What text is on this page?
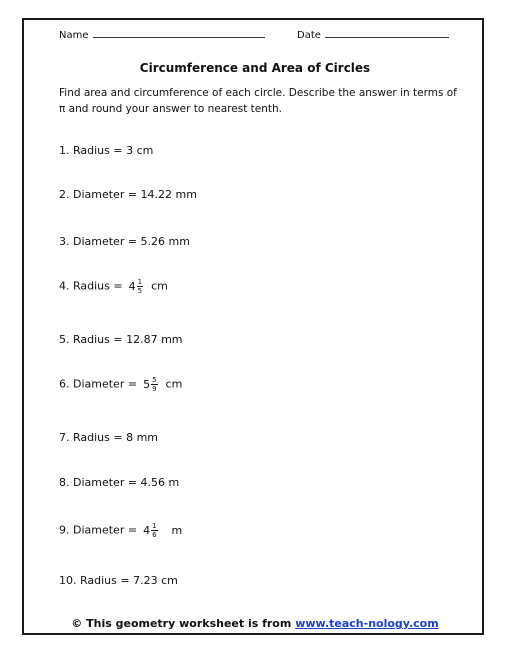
Name	Date
Circumference and Area of Circles
Find area and circumference of each circle. Describe the answer in terms of π and round your answer to nearest tenth.
1. Radius = 3 cm
2. Diameter = 14.22 mm
3. Diameter = 5.26 mm
4. Radius = $4 \frac{1}{5}$ cm
5. Radius = 12.87 mm
6. Diameter = $5 \frac{5}{9}$ cm
7. Radius = 8 mm
8. Diameter = 4.56 m
9. Diameter = $4 \frac{1}{6}$ m
10. Radius = 7.23 cm
© This geometry worksheet is from www.teach-nology.com
